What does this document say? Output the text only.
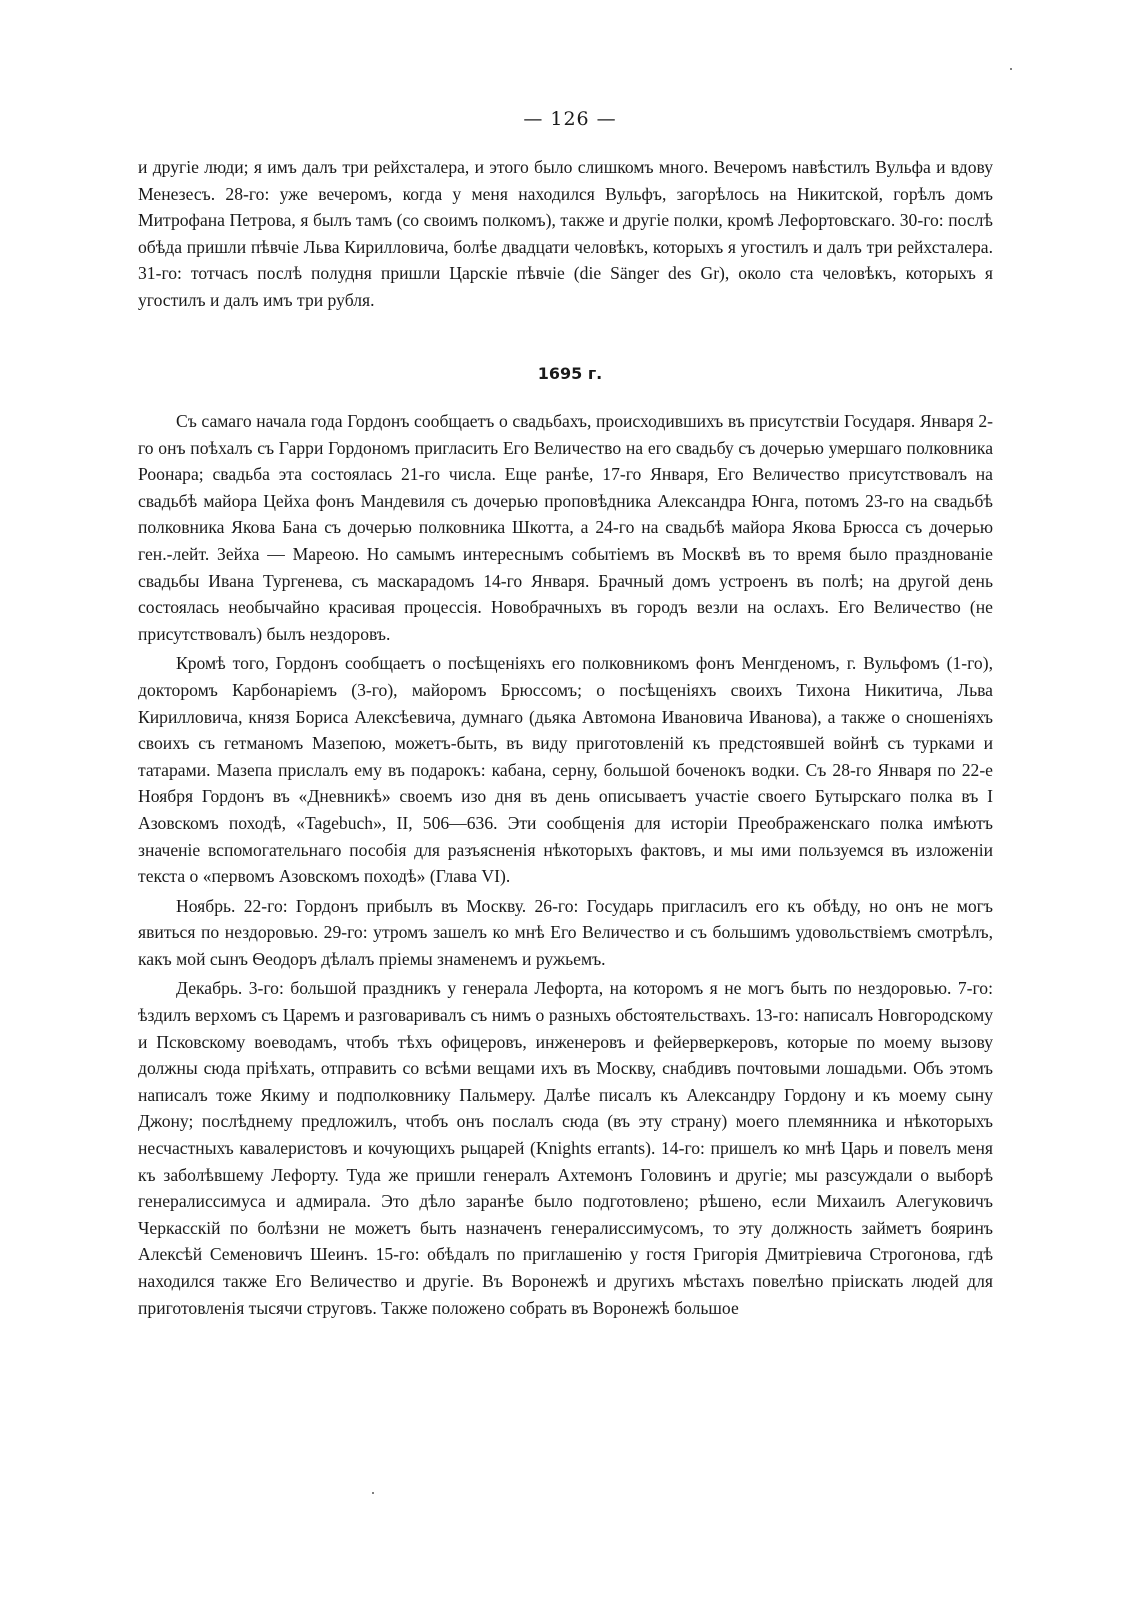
— 126 —

и другіе люди; я имъ далъ три рейхсталера, и этого было слишкомъ много. Вечеромъ навѣстилъ Вульфа и вдову Менезесъ. 28-го: уже вечеромъ, когда у меня находился Вульфъ, загорѣлось на Никитской, горѣлъ домъ Митрофана Петрова, я былъ тамъ (со своимъ полкомъ), также и другіе полки, кромѣ Лефортовскаго. 30-го: послѣ обѣда пришли пѣвчіе Льва Кирилловича, болѣе двадцати человѣкъ, которыхъ я угостилъ и далъ три рейхсталера. 31-го: тотчасъ послѣ полудня пришли Царскіе пѣвчіе (die Sänger des Gr), около ста человѣкъ, которыхъ я угостилъ и далъ имъ три рубля.

1695 г.

Съ самаго начала года Гордонъ сообщаетъ о свадьбахъ, происходившихъ въ присутствіи Государя. Января 2-го онъ поѣхалъ съ Гарри Гордономъ пригласить Его Величество на его свадьбу съ дочерью умершаго полковника Роонара; свадьба эта состоялась 21-го числа. Еще ранѣе, 17-го Января, Его Величество присутствовалъ на свадьбѣ майора Цейха фонъ Мандевиля съ дочерью проповѣдника Александра Юнга, потомъ 23-го на свадьбѣ полковника Якова Бана съ дочерью полковника Шкотта, а 24-го на свадьбѣ майора Якова Брюсса съ дочерью ген.-лейт. Зейха — Мареою. Но самымъ интереснымъ событіемъ въ Москвѣ въ то время было празднованіе свадьбы Ивана Тургенева, съ маскарадомъ 14-го Января. Брачный домъ устроенъ въ полѣ; на другой день состоялась необычайно красивая процессія. Новобрачныхъ въ городъ везли на ослахъ. Его Величество (не присутствовалъ) былъ нездоровъ.

Кромѣ того, Гордонъ сообщаетъ о посѣщеніяхъ его полковникомъ фонъ Менгденомъ, г. Вульфомъ (1-го), докторомъ Карбонаріемъ (3-го), майоромъ Брюссомъ; о посѣщеніяхъ своихъ Тихона Никитича, Льва Кирилловича, князя Бориса Алексѣевича, думнаго (дьяка Автомона Ивановича Иванова), а также о сношеніяхъ своихъ съ гетманомъ Мазепою, можетъ-быть, въ виду приготовленій къ предстоявшей войнѣ съ турками и татарами. Мазепа прислалъ ему въ подарокъ: кабана, серну, большой боченокъ водки. Съ 28-го Января по 22-е Ноября Гордонъ въ «Дневникѣ» своемъ изо дня въ день описываетъ участіе своего Бутырскаго полка въ I Азовскомъ походѣ, «Tagebuch», II, 506—636. Эти сообщенія для исторіи Преображенскаго полка имѣютъ значеніе вспомогательнаго пособія для разъясненія нѣкоторыхъ фактовъ, и мы ими пользуемся въ изложеніи текста о «первомъ Азовскомъ походѣ» (Глава VI).

Ноябрь. 22-го: Гордонъ прибылъ въ Москву. 26-го: Государь пригласилъ его къ обѣду, но онъ не могъ явиться по нездоровью. 29-го: утромъ зашелъ ко мнѣ Его Величество и съ большимъ удовольствіемъ смотрѣлъ, какъ мой сынъ Ѳеодоръ дѣлалъ пріемы знаменемъ и ружьемъ.

Декабрь. 3-го: большой праздникъ у генерала Лефорта, на которомъ я не могъ быть по нездоровью. 7-го: ѣздилъ верхомъ съ Царемъ и разговаривалъ съ нимъ о разныхъ обстоятельствахъ. 13-го: написалъ Новгородскому и Псковскому воеводамъ, чтобъ тѣхъ офицеровъ, инженеровъ и фейерверкеровъ, которые по моему вызову должны сюда пріѣхать, отправить со всѣми вещами ихъ въ Москву, снабдивъ почтовыми лошадьми. Объ этомъ написалъ тоже Якиму и подполковнику Пальмеру. Далѣе писалъ къ Александру Гордону и къ моему сыну Джону; послѣднему предложилъ, чтобъ онъ послалъ сюда (въ эту страну) моего племянника и нѣкоторыхъ несчастныхъ кавалеристовъ и кочующихъ рыцарей (Knights errants). 14-го: пришелъ ко мнѣ Царь и повелъ меня къ заболѣвшему Лефорту. Туда же пришли генералъ Ахтемонъ Головинъ и другіе; мы разсуждали о выборѣ генералиссимуса и адмирала. Это дѣло заранѣе было подготовлено; рѣшено, если Михаилъ Алегуковичъ Черкасскій по болѣзни не можетъ быть назначенъ генералиссимусомъ, то эту должность займетъ бояринъ Алексѣй Семеновичъ Шеинъ. 15-го: обѣдалъ по приглашенію у гостя Григорія Дмитріевича Строгонова, гдѣ находился также Его Величество и другіе. Въ Воронежѣ и другихъ мѣстахъ повелѣно пріискать людей для приготовленія тысячи струговъ. Также положено собрать въ Воронежѣ большое
